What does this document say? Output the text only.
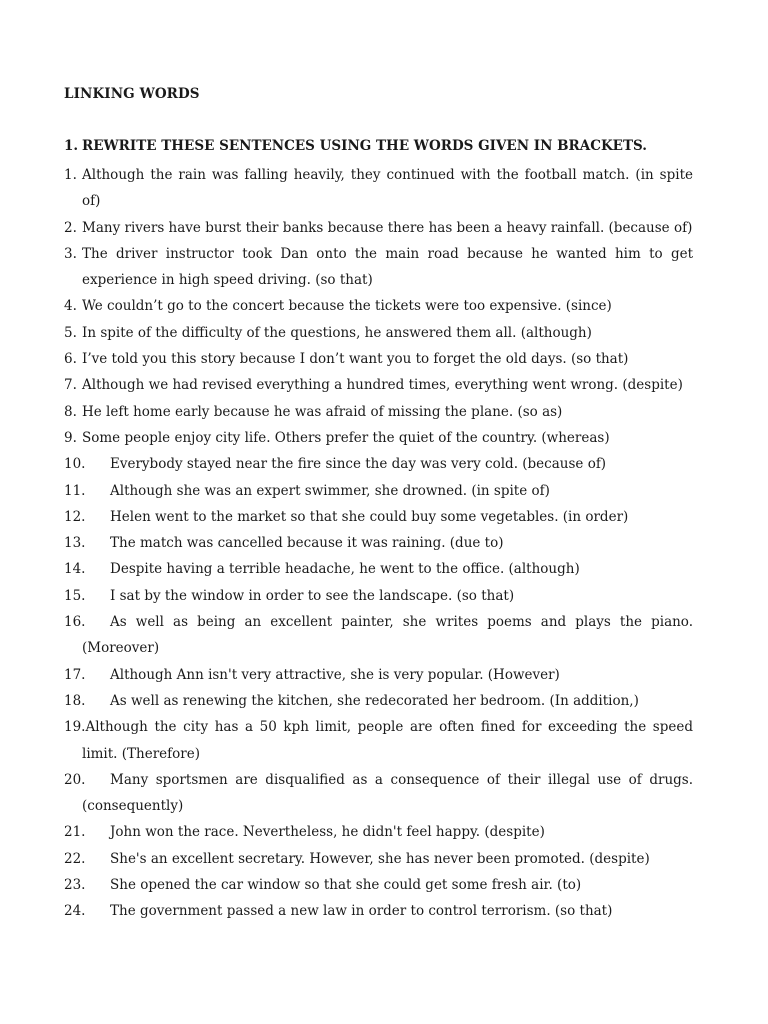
LINKING WORDS
1. REWRITE THESE SENTENCES USING THE WORDS GIVEN IN BRACKETS.
1. Although the rain was falling heavily, they continued with the football match. (in spite of)
2. Many rivers have burst their banks because there has been a heavy rainfall. (because of)
3. The driver instructor took Dan onto the main road because he wanted him to get experience in high speed driving. (so that)
4. We couldn’t go to the concert because the tickets were too expensive. (since)
5. In spite of the difficulty of the questions, he answered them all. (although)
6. I’ve told you this story because I don’t want you to forget the old days. (so that)
7. Although we had revised everything a hundred times, everything went wrong. (despite)
8. He left home early because he was afraid of missing the plane. (so as)
9. Some people enjoy city life. Others prefer the quiet of the country. (whereas)
10.	Everybody stayed near the fire since the day was very cold. (because of)
11.	Although she was an expert swimmer, she drowned. (in spite of)
12.	Helen went to the market so that she could buy some vegetables. (in order)
13.	The match was cancelled because it was raining. (due to)
14.	Despite having a terrible headache, he went to the office. (although)
15.	I sat by the window in order to see the landscape. (so that)
16.	As well as being an excellent painter, she writes poems and plays the piano. (Moreover)
17.	Although Ann isn't very attractive, she is very popular. (However)
18.	As well as renewing the kitchen, she redecorated her bedroom. (In addition,)
19.Although the city has a 50 kph limit, people are often fined for exceeding the speed limit. (Therefore)
20.	Many sportsmen are disqualified as a consequence of their illegal use of drugs. (consequently)
21.	John won the race. Nevertheless, he didn't feel happy. (despite)
22.	She's an excellent secretary. However, she has never been promoted. (despite)
23.	She opened the car window so that she could get some fresh air. (to)
24.	The government passed a new law in order to control terrorism. (so that)
